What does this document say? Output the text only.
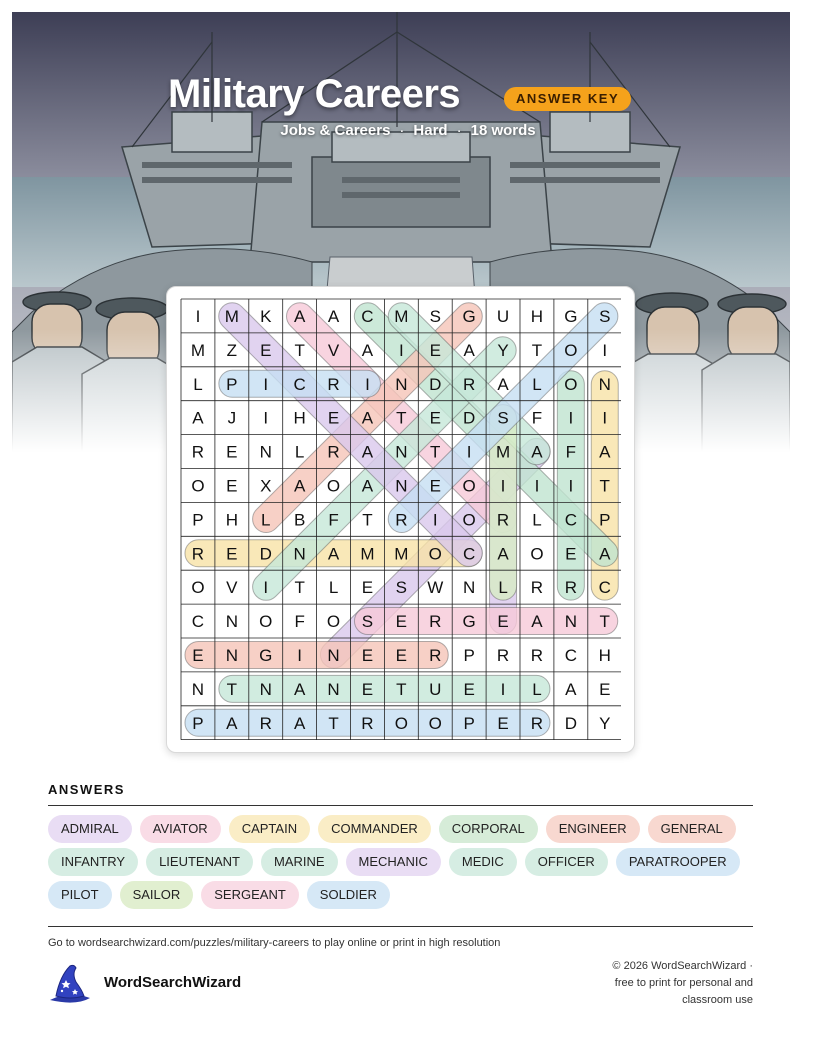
Military Careers	ANSWER KEY
Jobs & Careers · Hard · 18 words
I M K A A C M S G U H G S
M Z E T V A I E A Y T O I
L P I C R I N D R A L O N
A J I H E A T E D S F I I
R E N L R A N T I M A F A
O E X A O A N E O I I I T
P H L B F T R I O R L C P
R E D N A M M O C A O E A
O V I T L E S W N L R R C
C N O F O S E R G E A N T
E N G I N E E R P R R C H
N T N A N E T U E I L A E
P A R A T R O O P E R D Y
ANSWERS
ADMIRAL	AVIATOR	CAPTAIN	COMMANDER	CORPORAL	ENGINEER	GENERAL
INFANTRY	LIEUTENANT	MARINE	MECHANIC	MEDIC	OFFICER	PARATROOPER
PILOT	SAILOR	SERGEANT	SOLDIER
Go to wordsearchwizard.com/puzzles/military-careers to play online or print in high resolution
WordSearchWizard
© 2026 WordSearchWizard ·
free to print for personal and
classroom use
